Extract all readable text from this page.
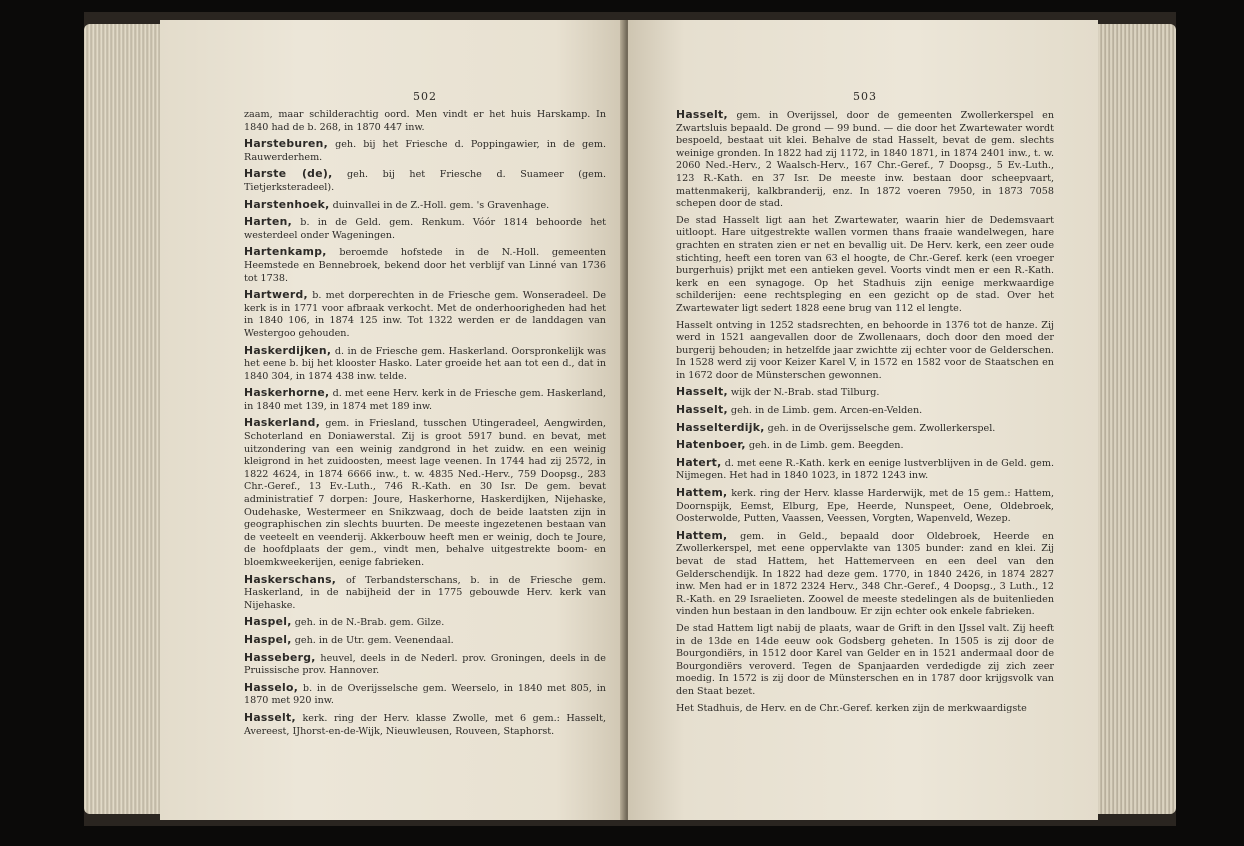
502

zaam, maar schilderachtig oord. Men vindt er het huis Harskamp. In 1840 had de b. 268, in 1870 447 inw.

Harsteburen, geh. bij het Friesche d. Poppingawier, in de gem. Rauwerderhem.

Harste (de), geh. bij het Friesche d. Suameer (gem. Tietjerksteradeel).

Harstenhoek, duinvallei in de Z.-Holl. gem. 's Gravenhage.

Harten, b. in de Geld. gem. Renkum. Vóór 1814 behoorde het westerdeel onder Wageningen.

Hartenkamp, beroemde hofstede in de N.-Holl. gemeenten Heemstede en Bennebroek, bekend door het verblijf van Linné van 1736 tot 1738.

Hartwerd, b. met dorperechten in de Friesche gem. Wonseradeel. De kerk is in 1771 voor afbraak verkocht. Met de onderhoorigheden had het in 1840 106, in 1874 125 inw. Tot 1322 werden er de landdagen van Westergoo gehouden.

Haskerdijken, d. in de Friesche gem. Haskerland. Oorspronkelijk was het eene b. bij het klooster Hasko. Later groeide het aan tot een d., dat in 1840 304, in 1874 438 inw. telde.

Haskerhorne, d. met eene Herv. kerk in de Friesche gem. Haskerland, in 1840 met 139, in 1874 met 189 inw.

Haskerland, gem. in Friesland, tusschen Utingeradeel, Aengwirden, Schoterland en Doniawerstal. Zij is groot 5917 bund. en bevat, met uitzondering van een weinig zandgrond in het zuidw. en een weinig kleigrond in het zuidoosten, meest lage veenen. In 1744 had zij 2572, in 1822 4624, in 1874 6666 inw., t. w. 4835 Ned.-Herv., 759 Doopsg., 283 Chr.-Geref., 13 Ev.-Luth., 746 R.-Kath. en 30 Isr. De gem. bevat administratief 7 dorpen: Joure, Haskerhorne, Haskerdijken, Nijehaske, Oudehaske, Westermeer en Snikzwaag, doch de beide laatsten zijn in geographischen zin slechts buurten. De meeste ingezetenen bestaan van de veeteelt en veenderij. Akkerbouw heeft men er weinig, doch te Joure, de hoofdplaats der gem., vindt men, behalve uitgestrekte boom- en bloemkweekerijen, eenige fabrieken.

Haskerschans, of Terbandsterschans, b. in de Friesche gem. Haskerland, in de nabijheid der in 1775 gebouwde Herv. kerk van Nijehaske.

Haspel, geh. in de N.-Brab. gem. Gilze.

Haspel, geh. in de Utr. gem. Veenendaal.

Hasseberg, heuvel, deels in de Nederl. prov. Groningen, deels in de Pruissische prov. Hannover.

Hasselo, b. in de Overijsselsche gem. Weerselo, in 1840 met 805, in 1870 met 920 inw.

Hasselt, kerk. ring der Herv. klasse Zwolle, met 6 gem.: Hasselt, Avereest, IJhorst-en-de-Wijk, Nieuwleusen, Rouveen, Staphorst.

503

Hasselt, gem. in Overijssel, door de gemeenten Zwollerkerspel en Zwartsluis bepaald. De grond — 99 bund. — die door het Zwartewater wordt bespoeld, bestaat uit klei. Behalve de stad Hasselt, bevat de gem. slechts weinige gronden. In 1822 had zij 1172, in 1840 1871, in 1874 2401 inw., t. w. 2060 Ned.-Herv., 2 Waalsch-Herv., 167 Chr.-Geref., 7 Doopsg., 5 Ev.-Luth., 123 R.-Kath. en 37 Isr. De meeste inw. bestaan door scheepvaart, mattenmakerij, kalkbranderij, enz. In 1872 voeren 7950, in 1873 7058 schepen door de stad.

De stad Hasselt ligt aan het Zwartewater, waarin hier de Dedemsvaart uitloopt. Hare uitgestrekte wallen vormen thans fraaie wandelwegen, hare grachten en straten zien er net en bevallig uit. De Herv. kerk, een zeer oude stichting, heeft een toren van 63 el hoogte, de Chr.-Geref. kerk (een vroeger burgerhuis) prijkt met een antieken gevel. Voorts vindt men er een R.-Kath. kerk en een synagoge. Op het Stadhuis zijn eenige merkwaardige schilderijen: eene rechtspleging en een gezicht op de stad. Over het Zwartewater ligt sedert 1828 eene brug van 112 el lengte.

Hasselt ontving in 1252 stadsrechten, en behoorde in 1376 tot de hanze. Zij werd in 1521 aangevallen door de Zwollenaars, doch door den moed der burgerij behouden; in hetzelfde jaar zwichtte zij echter voor de Gelderschen. In 1528 werd zij voor Keizer Karel V, in 1572 en 1582 voor de Staatschen en in 1672 door de Münsterschen gewonnen.

Hasselt, wijk der N.-Brab. stad Tilburg.

Hasselt, geh. in de Limb. gem. Arcen-en-Velden.

Hasselterdijk, geh. in de Overijsselsche gem. Zwollerkerspel.

Hatenboer, geh. in de Limb. gem. Beegden.

Hatert, d. met eene R.-Kath. kerk en eenige lustverblijven in de Geld. gem. Nijmegen. Het had in 1840 1023, in 1872 1243 inw.

Hattem, kerk. ring der Herv. klasse Harderwijk, met de 15 gem.: Hattem, Doornspijk, Eemst, Elburg, Epe, Heerde, Nunspeet, Oene, Oldebroek, Oosterwolde, Putten, Vaassen, Veessen, Vorgten, Wapenveld, Wezep.

Hattem, gem. in Geld., bepaald door Oldebroek, Heerde en Zwollerkerspel, met eene oppervlakte van 1305 bunder: zand en klei. Zij bevat de stad Hattem, het Hattemerveen en een deel van den Gelderschendijk. In 1822 had deze gem. 1770, in 1840 2426, in 1874 2827 inw. Men had er in 1872 2324 Herv., 348 Chr.-Geref., 4 Doopsg., 3 Luth., 12 R.-Kath. en 29 Israelieten. Zoowel de meeste stedelingen als de buitenlieden vinden hun bestaan in den landbouw. Er zijn echter ook enkele fabrieken.

De stad Hattem ligt nabij de plaats, waar de Grift in den IJssel valt. Zij heeft in de 13de en 14de eeuw ook Godsberg geheten. In 1505 is zij door de Bourgondiërs, in 1512 door Karel van Gelder en in 1521 andermaal door de Bourgondiërs veroverd. Tegen de Spanjaarden verdedigde zij zich zeer moedig. In 1572 is zij door de Münsterschen en in 1787 door krijgsvolk van den Staat bezet.

Het Stadhuis, de Herv. en de Chr.-Geref. kerken zijn de merkwaardigste
